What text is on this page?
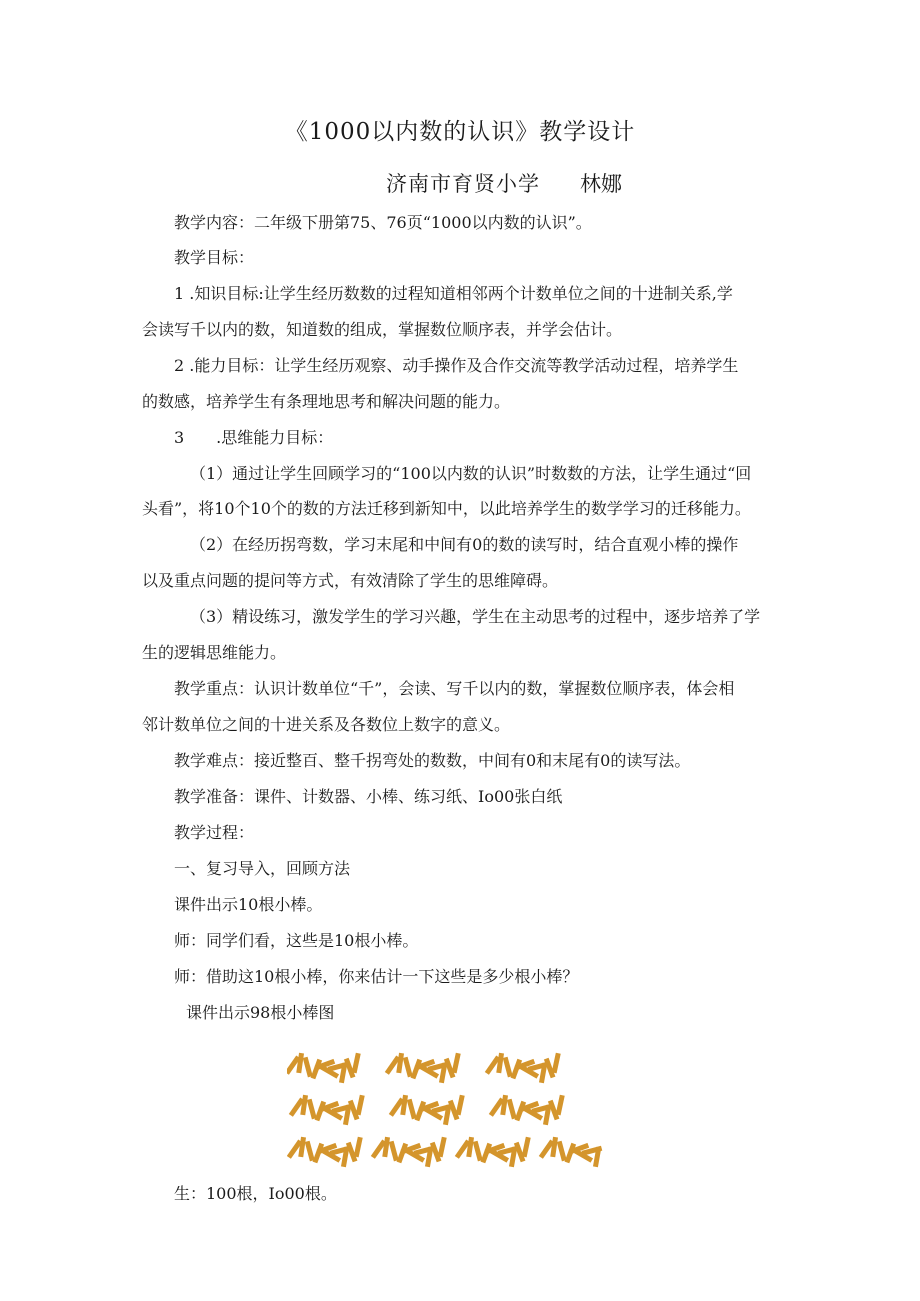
《1000以内数的认识》教学设计
济南市育贤小学 林娜
教学内容：二年级下册第75、76页“1000以内数的认识”。
教学目标：
1 .知识目标:让学生经历数数的过程知道相邻两个计数单位之间的十进制关系,学
会读写千以内的数，知道数的组成，掌握数位顺序表，并学会估计。
2 .能力目标：让学生经历观察、动手操作及合作交流等教学活动过程，培养学生
的数感，培养学生有条理地思考和解决问题的能力。
3　　.思维能力目标：
（1）通过让学生回顾学习的“100以内数的认识”时数数的方法，让学生通过“回
头看”，将10个10个的数的方法迁移到新知中，以此培养学生的数学学习的迁移能力。
（2）在经历拐弯数，学习末尾和中间有0的数的读写时，结合直观小棒的操作
以及重点问题的提问等方式，有效清除了学生的思维障碍。
（3）精设练习，激发学生的学习兴趣，学生在主动思考的过程中，逐步培养了学
生的逻辑思维能力。
教学重点：认识计数单位“千”，会读、写千以内的数，掌握数位顺序表，体会相
邻计数单位之间的十进关系及各数位上数字的意义。
教学难点：接近整百、整千拐弯处的数数，中间有0和末尾有0的读写法。
教学准备：课件、计数器、小棒、练习纸、Io00张白纸
教学过程：
一、复习导入，回顾方法
课件出示10根小棒。
师：同学们看，这些是10根小棒。
师：借助这10根小棒，你来估计一下这些是多少根小棒？
课件出示98根小棒图
生：100根，Io00根。
